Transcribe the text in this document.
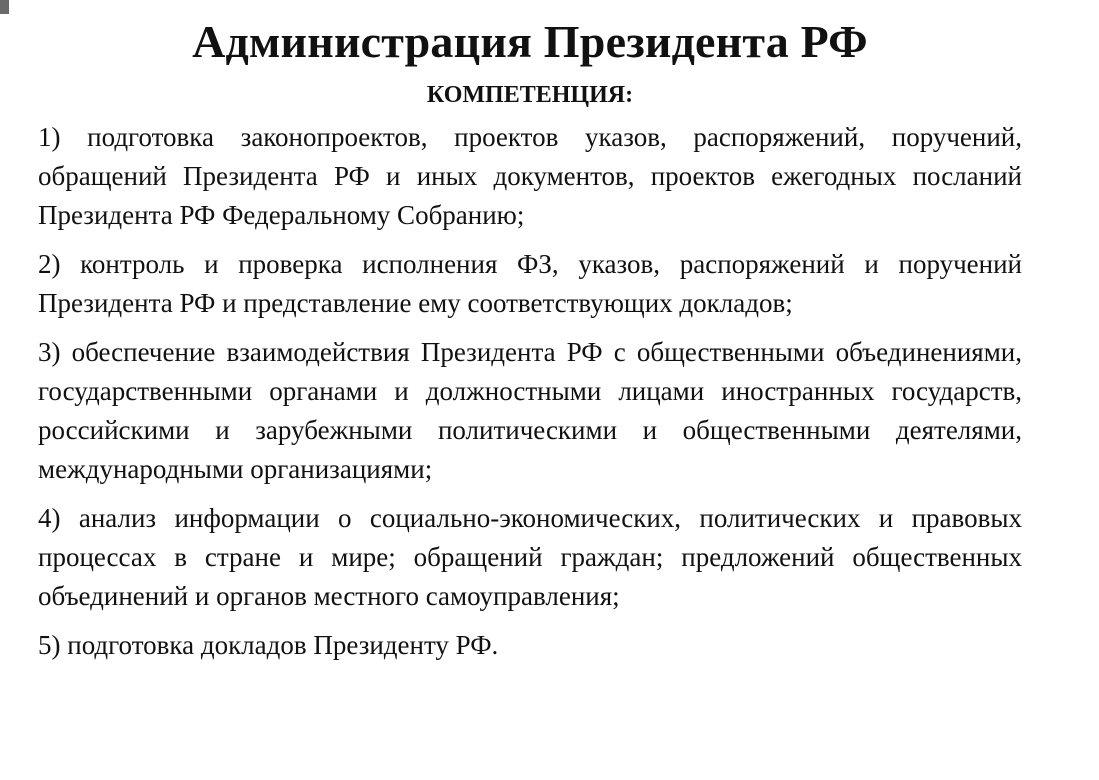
Администрация Президента РФ
КОМПЕТЕНЦИЯ:
1) подготовка законопроектов, проектов указов, распоряжений, поручений, обращений Президента РФ и иных документов, проектов ежегодных посланий Президента РФ Федеральному Собранию;
2) контроль и проверка исполнения ФЗ, указов, распоряжений и поручений Президента РФ и представление ему соответствующих докладов;
3) обеспечение взаимодействия Президента РФ с общественными объединениями, государственными органами и должностными лицами иностранных государств, российскими и зарубежными политическими и общественными деятелями, международными организациями;
4) анализ информации о социально-экономических, политических и правовых процессах в стране и мире; обращений граждан; предложений общественных объединений и органов местного самоуправления;
5) подготовка докладов Президенту РФ.
